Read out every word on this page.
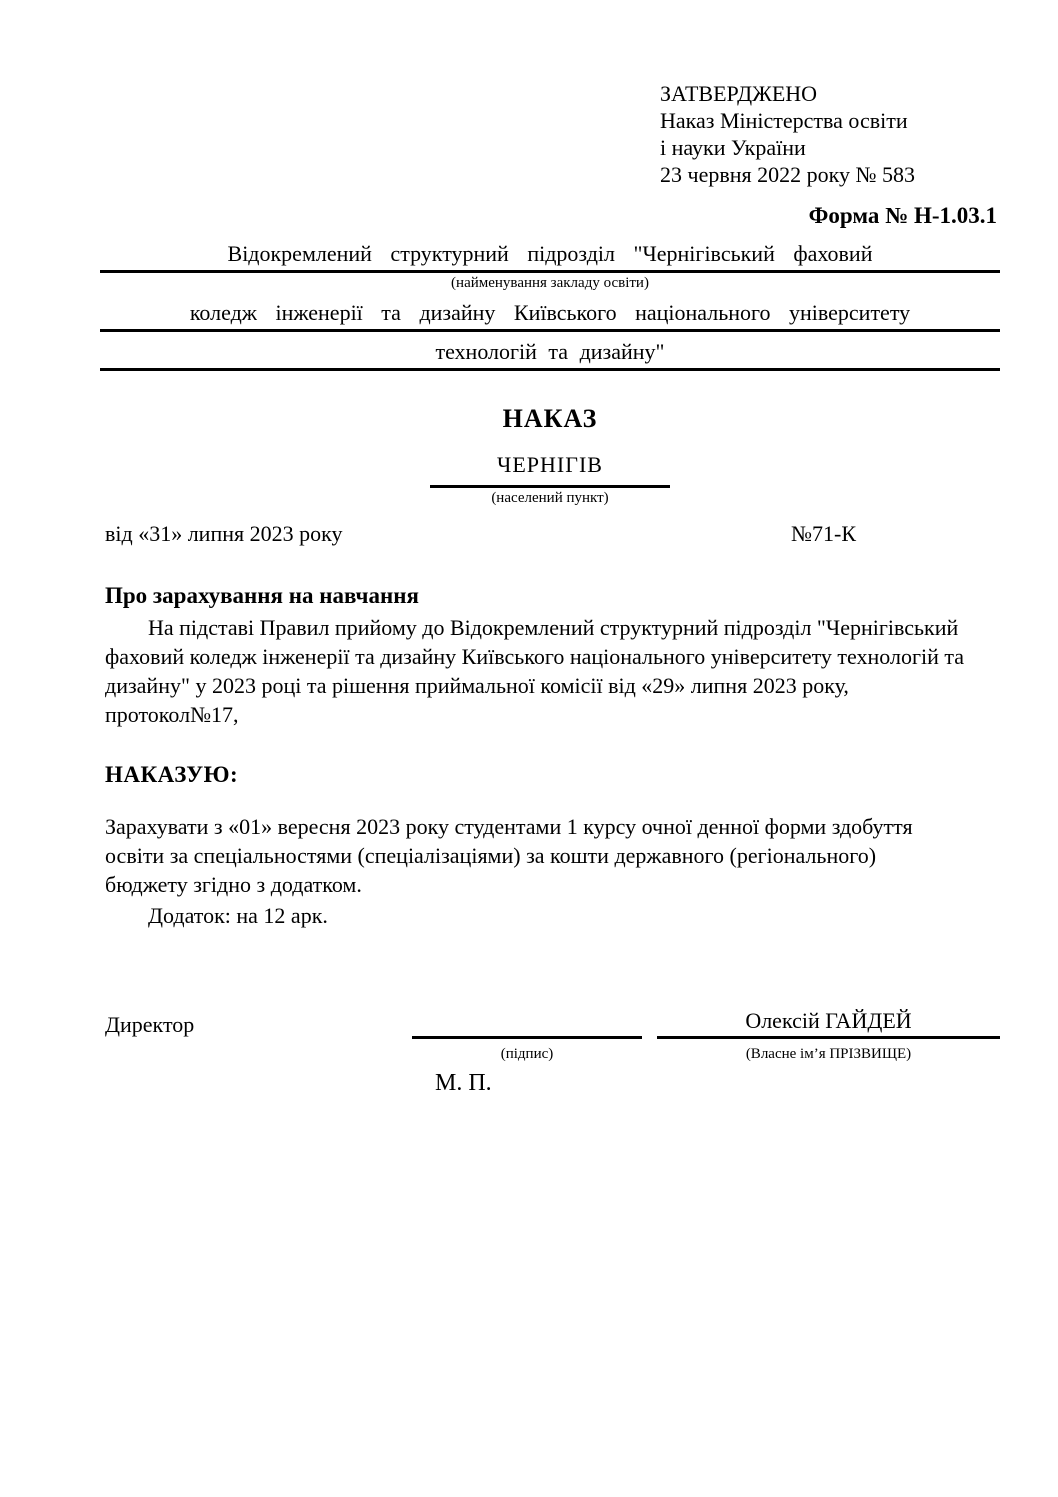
ЗАТВЕРДЖЕНО
Наказ Міністерства освіти
і науки України
23 червня 2022 року № 583
Форма № Н-1.03.1
Відокремлений структурний підрозділ "Чернігівський фаховий
(найменування закладу освіти)
коледж інженерії та дизайну Київського національного університету
технологій та дизайну"
НАКАЗ
ЧЕРНІГІВ
(населений пункт)
від «31» липня 2023 року	№71-К
Про зарахування на навчання
На підставі Правил прийому до Відокремлений структурний підрозділ "Чернігівський фаховий коледж інженерії та дизайну Київського національного університету технологій та дизайну" у 2023 році та рішення приймальної комісії від «29» липня 2023 року, протокол№17,
НАКАЗУЮ:
Зарахувати з «01» вересня 2023 року студентами 1 курсу очної денної форми здобуття освіти за спеціальностями (спеціалізаціями) за кошти державного (регіонального) бюджету згідно з додатком.
Додаток: на 12 арк.
Директор
(підпис)
Олексій ГАЙДЕЙ
(Власне ім’я ПРІЗВИЩЕ)
М. П.
